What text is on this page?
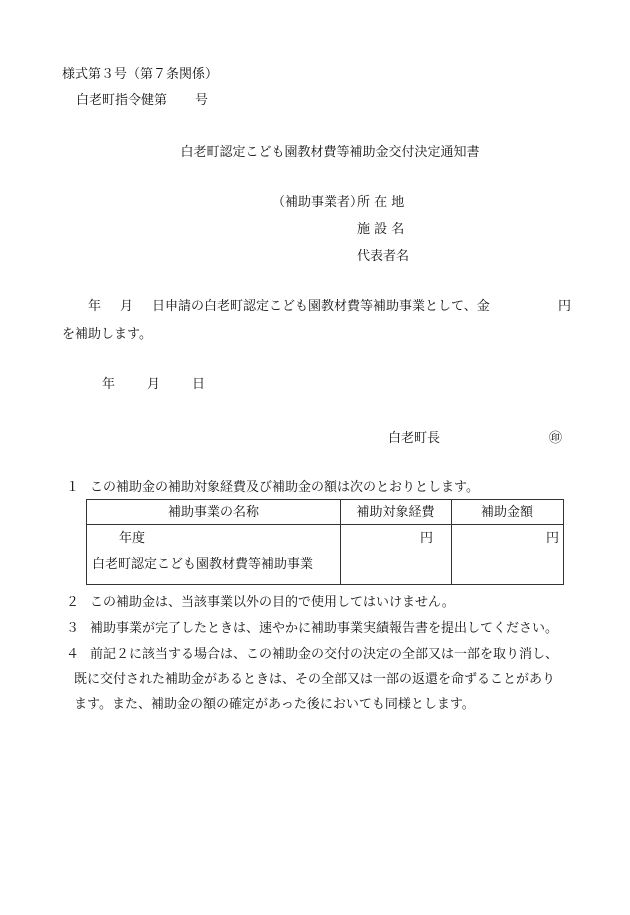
様式第３号（第７条関係）
白老町指令健第 号
白老町認定こども園教材費等補助金交付決定通知書
（補助事業者）
所 在 地
施 設 名
代表者名
年 月 日申請の白老町認定こども園教材費等補助事業として、金	円
を補助します。
年 月 日
白老町長	㊞
１ この補助金の補助対象経費及び補助金の額は次のとおりとします。
補助事業の名称	補助対象経費	補助金額
年度
白老町認定こども園教材費等補助事業
円	円
２ この補助金は、当該事業以外の目的で使用してはいけません。
３ 補助事業が完了したときは、速やかに補助事業実績報告書を提出してください。
４ 前記２に該当する場合は、この補助金の交付の決定の全部又は一部を取り消し、
既に交付された補助金があるときは、その全部又は一部の返還を命ずることがあり
ます。また、補助金の額の確定があった後においても同様とします。
